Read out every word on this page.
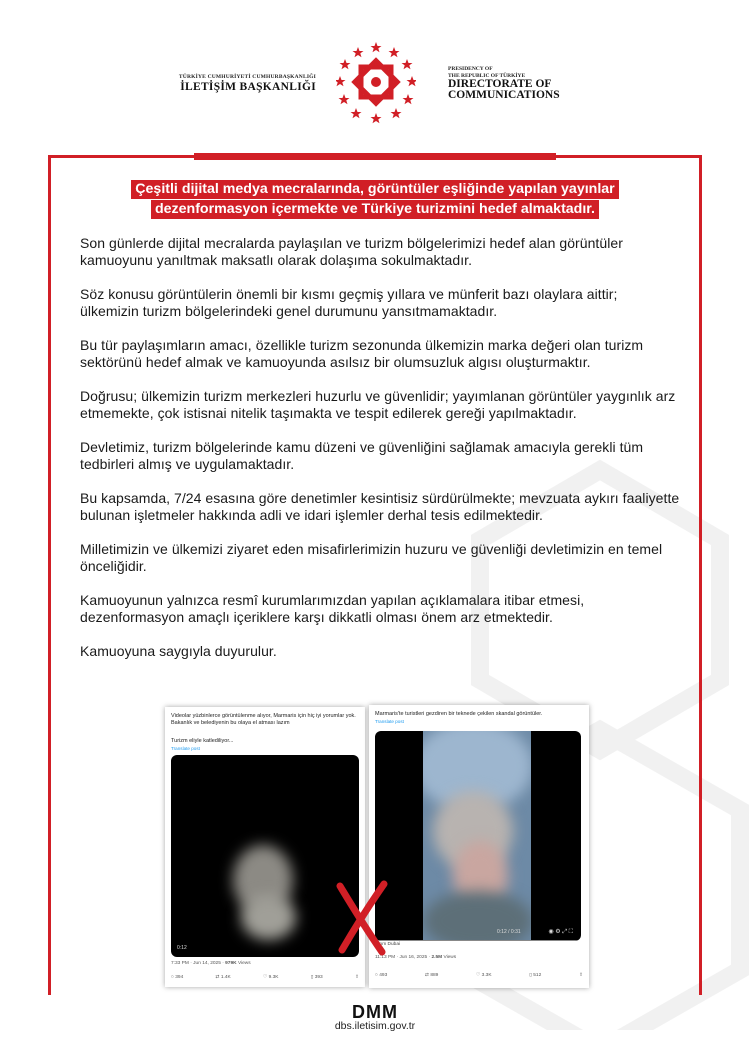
TÜRKİYE CUMHURİYETİ CUMHURBAŞKANLIĞI
İLETİŞİM BAŞKANLIĞI
PRESIDENCY OF
THE REPUBLIC OF TÜRKİYE
DIRECTORATE OF
COMMUNICATIONS
Çeşitli dijital medya mecralarında, görüntüler eşliğinde yapılan yayınlar
dezenformasyon içermekte ve Türkiye turizmini hedef almaktadır.

Son günlerde dijital mecralarda paylaşılan ve turizm bölgelerimizi hedef alan görüntüler kamuoyunu yanıltmak maksatlı olarak dolaşıma sokulmaktadır.

Söz konusu görüntülerin önemli bir kısmı geçmiş yıllara ve münferit bazı olaylara aittir; ülkemizin turizm bölgelerindeki genel durumunu yansıtmamaktadır.

Bu tür paylaşımların amacı, özellikle turizm sezonunda ülkemizin marka değeri olan turizm sektörünü hedef almak ve kamuoyunda asılsız bir olumsuzluk algısı oluşturmaktır.

Doğrusu; ülkemizin turizm merkezleri huzurlu ve güvenlidir; yayımlanan görüntüler yaygınlık arz etmemekte, çok istisnai nitelik taşımakta ve tespit edilerek gereği yapılmaktadır.

Devletimiz, turizm bölgelerinde kamu düzeni ve güvenliğini sağlamak amacıyla gerekli tüm tedbirleri almış ve uygulamaktadır.

Bu kapsamda, 7/24 esasına göre denetimler kesintisiz sürdürülmekte; mevzuata aykırı faaliyette bulunan işletmeler hakkında adli ve idari işlemler derhal tesis edilmektedir.

Milletimizin ve ülkemizi ziyaret eden misafirlerimizin huzuru ve güvenliği devletimizin en temel önceliğidir.

Kamuoyunun yalnızca resmî kurumlarımızdan yapılan açıklamalara itibar etmesi, dezenformasyon amaçlı içeriklere karşı dikkatli olması önem arz etmektedir.

Kamuoyuna saygıyla duyurulur.

Videolar yüzbinlerce görüntülenme alıyor, Marmaris için hiç iyi yorumlar yok. Bakanlık ve belediyenin bu olaya el atması lazım
Turizm eliyle katlediliyor...
Translate post
0:12
7:33 PM · Jun 14, 2025 · 979K Views
○ 394	⇄ 1.4K	♡ 9.3K	▯ 393	⇧
Marmaris'te turistleri gezdiren bir teknede çekilen skandal görüntüler.
Translate post
0:12 / 0:31	◉ ⚙ ⤢ ⛶
From Dubai
11:13 PM · Jun 16, 2025 · 2.5M Views
○ 493	⇄ 889	♡ 3.3K	▯ 512	⇧
DMM
dbs.iletisim.gov.tr
